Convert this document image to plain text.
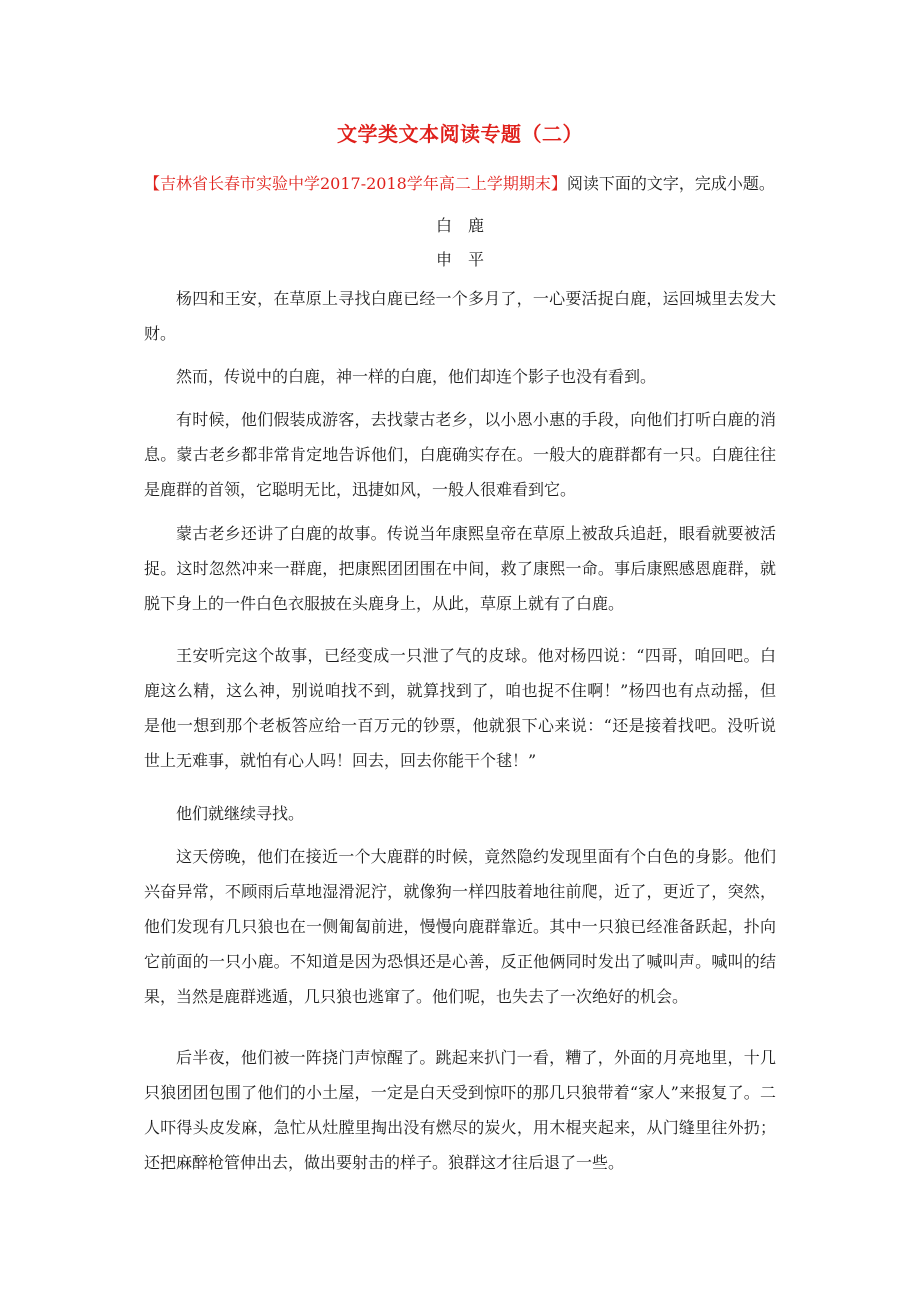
文学类文本阅读专题（二）
【吉林省长春市实验中学2017-2018学年高二上学期期末】阅读下面的文字，完成小题。
白　鹿
申　平

杨四和王安，在草原上寻找白鹿已经一个多月了，一心要活捉白鹿，运回城里去发大财。

然而，传说中的白鹿，神一样的白鹿，他们却连个影子也没有看到。

有时候，他们假装成游客，去找蒙古老乡，以小恩小惠的手段，向他们打听白鹿的消息。蒙古老乡都非常肯定地告诉他们，白鹿确实存在。一般大的鹿群都有一只。白鹿往往是鹿群的首领，它聪明无比，迅捷如风，一般人很难看到它。

蒙古老乡还讲了白鹿的故事。传说当年康熙皇帝在草原上被敌兵追赶，眼看就要被活捉。这时忽然冲来一群鹿，把康熙团团围在中间，救了康熙一命。事后康熙感恩鹿群，就脱下身上的一件白色衣服披在头鹿身上，从此，草原上就有了白鹿。

王安听完这个故事，已经变成一只泄了气的皮球。他对杨四说：“四哥，咱回吧。白鹿这么精，这么神，别说咱找不到，就算找到了，咱也捉不住啊！”杨四也有点动摇，但是他一想到那个老板答应给一百万元的钞票，他就狠下心来说：“还是接着找吧。没听说世上无难事，就怕有心人吗！回去，回去你能干个毬！”

他们就继续寻找。

这天傍晚，他们在接近一个大鹿群的时候，竟然隐约发现里面有个白色的身影。他们兴奋异常，不顾雨后草地湿滑泥泞，就像狗一样四肢着地往前爬，近了，更近了，突然，他们发现有几只狼也在一侧匍匐前进，慢慢向鹿群靠近。其中一只狼已经准备跃起，扑向它前面的一只小鹿。不知道是因为恐惧还是心善，反正他俩同时发出了喊叫声。喊叫的结果，当然是鹿群逃遁，几只狼也逃窜了。他们呢，也失去了一次绝好的机会。

后半夜，他们被一阵挠门声惊醒了。跳起来扒门一看，糟了，外面的月亮地里，十几只狼团团包围了他们的小土屋，一定是白天受到惊吓的那几只狼带着“家人”来报复了。二人吓得头皮发麻，急忙从灶膛里掏出没有燃尽的炭火，用木棍夹起来，从门缝里往外扔；还把麻醉枪管伸出去，做出要射击的样子。狼群这才往后退了一些。
